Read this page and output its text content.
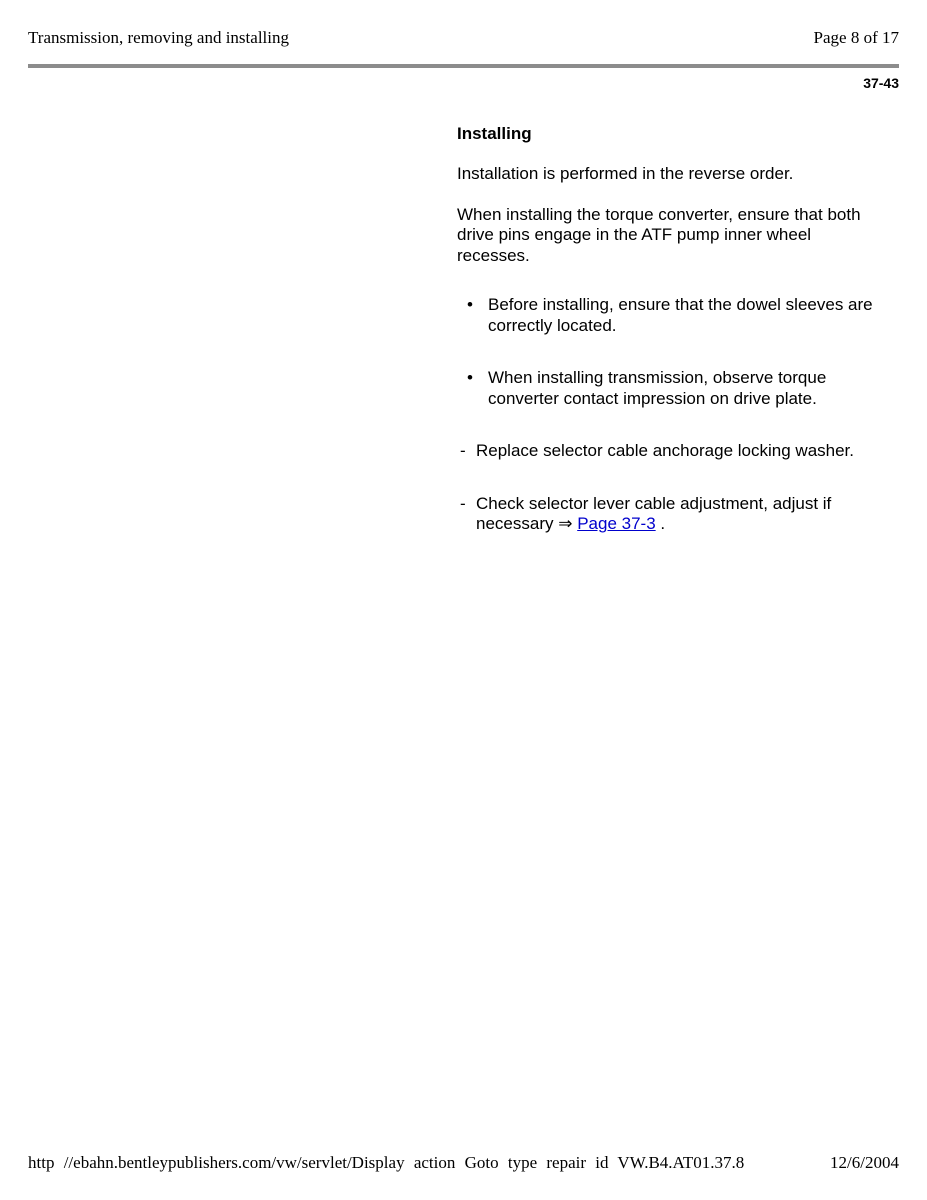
Transmission, removing and installing	Page 8 of 17
37-43
Installing

Installation is performed in the reverse order.

When installing the torque converter, ensure that both drive pins engage in the ATF pump inner wheel recesses.

• Before installing, ensure that the dowel sleeves are correctly located.
• When installing transmission, observe torque converter contact impression on drive plate.
- Replace selector cable anchorage locking washer.
- Check selector lever cable adjustment, adjust if necessary ⇒ Page 37-3 .
http //ebahn.bentleypublishers.com/vw/servlet/Display action Goto type repair id VW.B4.AT01.37.8	12/6/2004
